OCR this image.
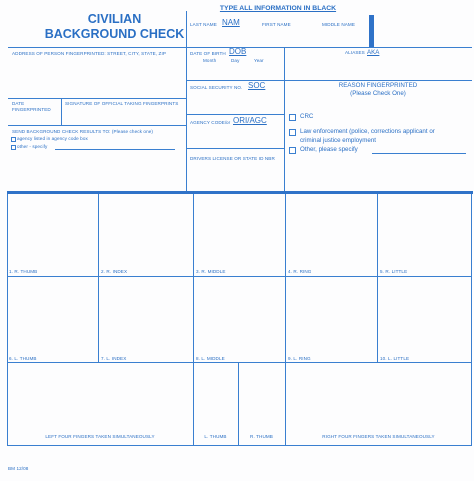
CIVILIAN
BACKGROUND CHECK
TYPE ALL INFORMATION IN BLACK
LAST NAME NAM	FIRST NAME	MIDDLE NAME
ADDRESS OF PERSON FINGERPRINTED: STREET, CITY, STATE, ZIP	DATE OF BIRTH DOB
Month	Day	Year
ALIASES AKA
SOCIAL SECURITY NO. SOC	REASON FINGERPRINTED
(Please Check One)
CRC
Law enforcement (police, corrections applicant or
criminal justice employment
Other, please specify
DATE
FINGERPRINTED
SIGNATURE OF OFFICIAL TAKING FINGERPRINTS
AGENCY CODE/ or ORI/AGC
SEND BACKGROUND CHECK RESULTS TO: (Please check one)
agency listed in agency code box
other - specify
DRIVERS LICENSE OR STATE ID NBR
1. R. THUMB	2. R. INDEX	3. R. MIDDLE	4. R. RING	5. R. LITTLE
6. L. THUMB	7. L. INDEX	8. L. MIDDLE	9. L. RING	10. L. LITTLE
LEFT FOUR FINGERS TAKEN SIMULTANEOUSLY	L. THUMB	R. THUMB	RIGHT FOUR FINGERS TAKEN SIMULTANEOUSLY
BM 12/08
